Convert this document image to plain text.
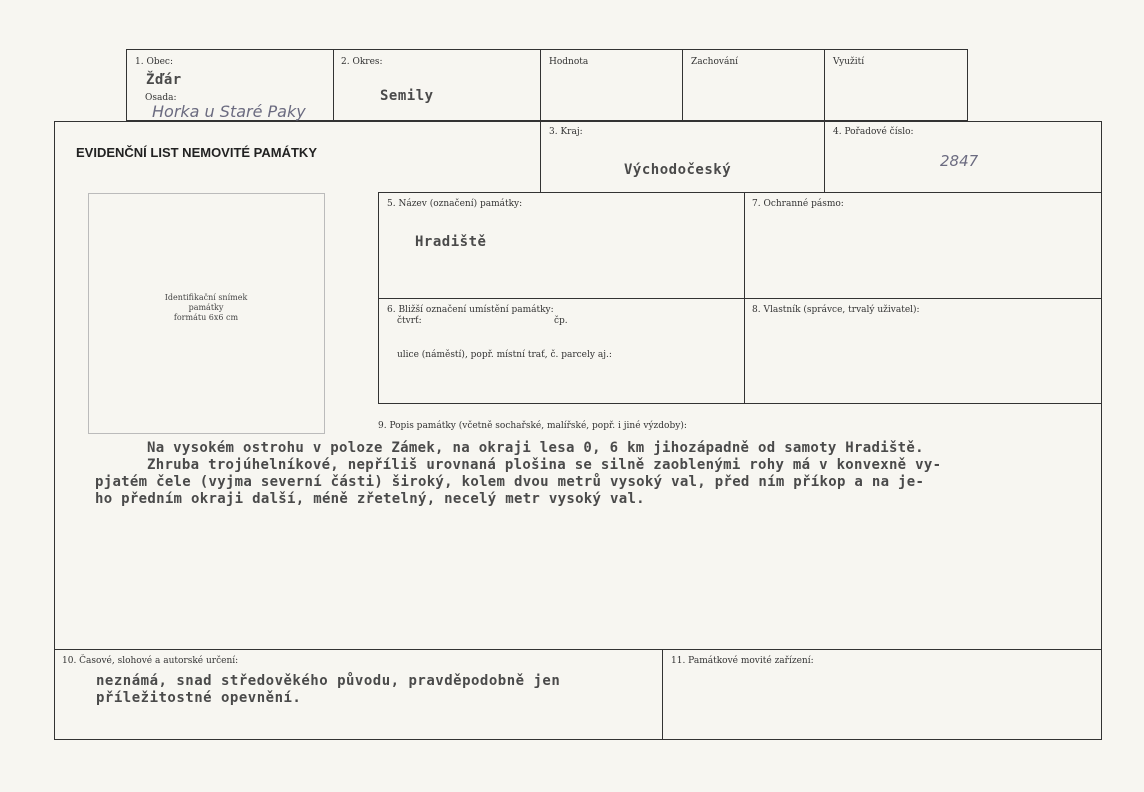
1. Obec:
Žďár
Osada:
Horka u Staré Paky
2. Okres:
Semily
Hodnota	Zachování	Využití
EVIDENČNÍ LIST NEMOVITÉ PAMÁTKY
3. Kraj:
Východočeský
4. Pořadové číslo:
2847
Identifikační snímek
památky
formátu 6x6 cm
5. Název (označení) památky:
Hradiště
7. Ochranné pásmo:
6. Bližší označení umístění památky:
čtvrť:	čp.
ulice (náměstí), popř. místní trať, č. parcely aj.:
8. Vlastník (správce, trvalý uživatel):
9. Popis památky (včetně sochařské, malířské, popř. i jiné výzdoby):
Na vysokém ostrohu v poloze Zámek, na okraji lesa 0, 6 km jihozápadně od samoty Hradiště.
Zhruba trojúhelníkové, nepříliš urovnaná plošina se silně zaoblenými rohy má v konvexně vy-
pjatém čele (vyjma severní části) široký, kolem dvou metrů vysoký val, před ním příkop a na je-
ho předním okraji další, méně zřetelný, necelý metr vysoký val.
10. Časové, slohové a autorské určení:
neznámá, snad středověkého původu, pravděpodobně jen
příležitostné opevnění.
11. Památkové movité zařízení:
